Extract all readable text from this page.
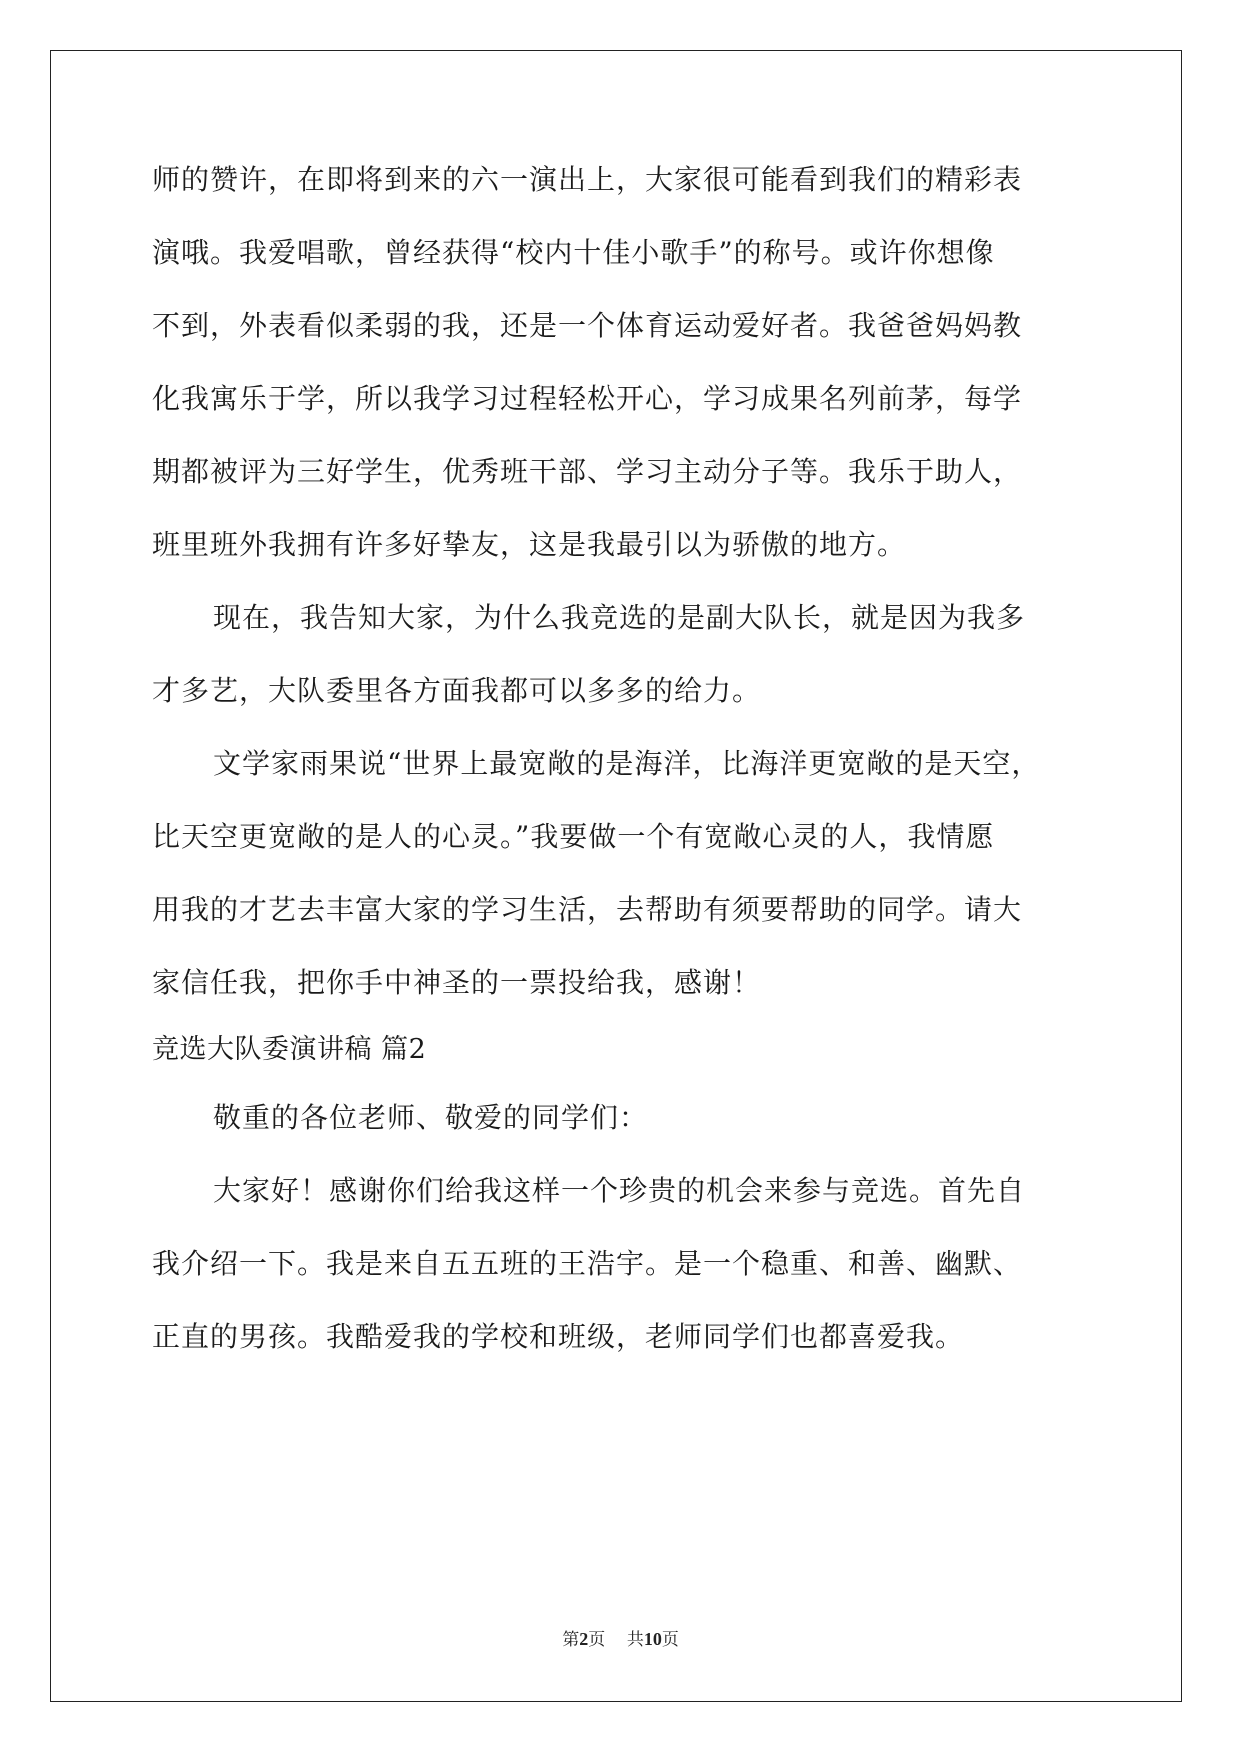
师的赞许，在即将到来的六一演出上，大家很可能看到我们的精彩表
演哦。我爱唱歌，曾经获得“校内十佳小歌手”的称号。或许你想像
不到，外表看似柔弱的我，还是一个体育运动爱好者。我爸爸妈妈教
化我寓乐于学，所以我学习过程轻松开心，学习成果名列前茅，每学
期都被评为三好学生，优秀班干部、学习主动分子等。我乐于助人，
班里班外我拥有许多好挚友，这是我最引以为骄傲的地方。
现在，我告知大家，为什么我竞选的是副大队长，就是因为我多
才多艺，大队委里各方面我都可以多多的给力。
文学家雨果说“世界上最宽敞的是海洋，比海洋更宽敞的是天空，
比天空更宽敞的是人的心灵。”我要做一个有宽敞心灵的人，我情愿
用我的才艺去丰富大家的学习生活，去帮助有须要帮助的同学。请大
家信任我，把你手中神圣的一票投给我，感谢！
竞选大队委演讲稿 篇2
敬重的各位老师、敬爱的同学们：
大家好！感谢你们给我这样一个珍贵的机会来参与竞选。首先自
我介绍一下。我是来自五五班的王浩宇。是一个稳重、和善、幽默、
正直的男孩。我酷爱我的学校和班级，老师同学们也都喜爱我。
第2页 共10页
